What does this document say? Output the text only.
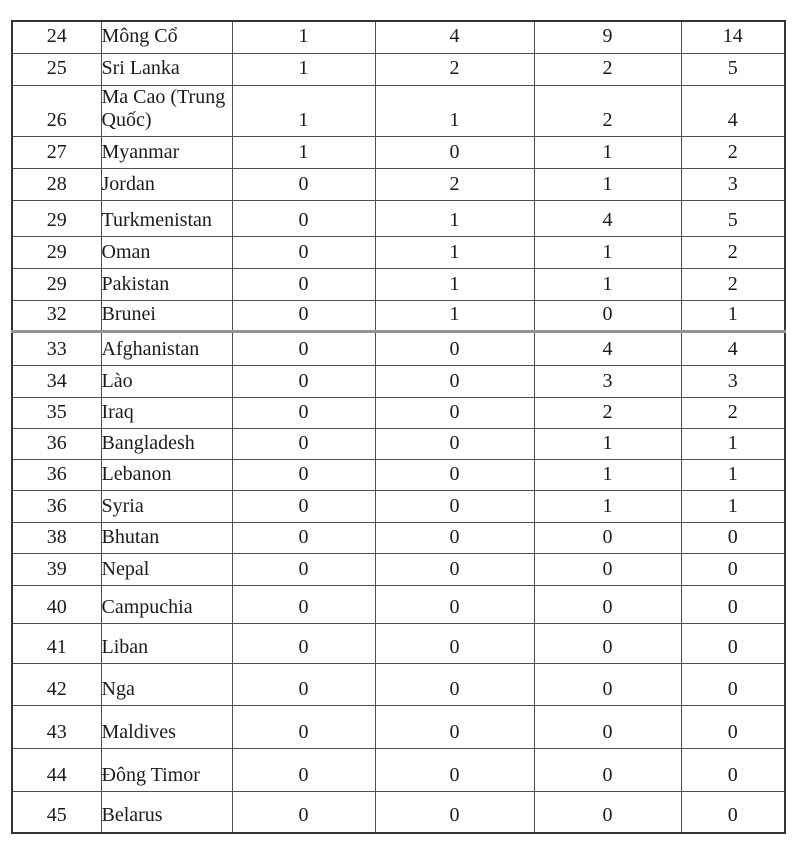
24	Mông Cổ	1	4	9	14
25	Sri Lanka	1	2	2	5
26	Ma Cao (Trung Quốc)	1	1	2	4
27	Myanmar	1	0	1	2
28	Jordan	0	2	1	3
29	Turkmenistan	0	1	4	5
29	Oman	0	1	1	2
29	Pakistan	0	1	1	2
32	Brunei	0	1	0	1
33	Afghanistan	0	0	4	4
34	Lào	0	0	3	3
35	Iraq	0	0	2	2
36	Bangladesh	0	0	1	1
36	Lebanon	0	0	1	1
36	Syria	0	0	1	1
38	Bhutan	0	0	0	0
39	Nepal	0	0	0	0
40	Campuchia	0	0	0	0
41	Liban	0	0	0	0
42	Nga	0	0	0	0
43	Maldives	0	0	0	0
44	Đông Timor	0	0	0	0
45	Belarus	0	0	0	0
